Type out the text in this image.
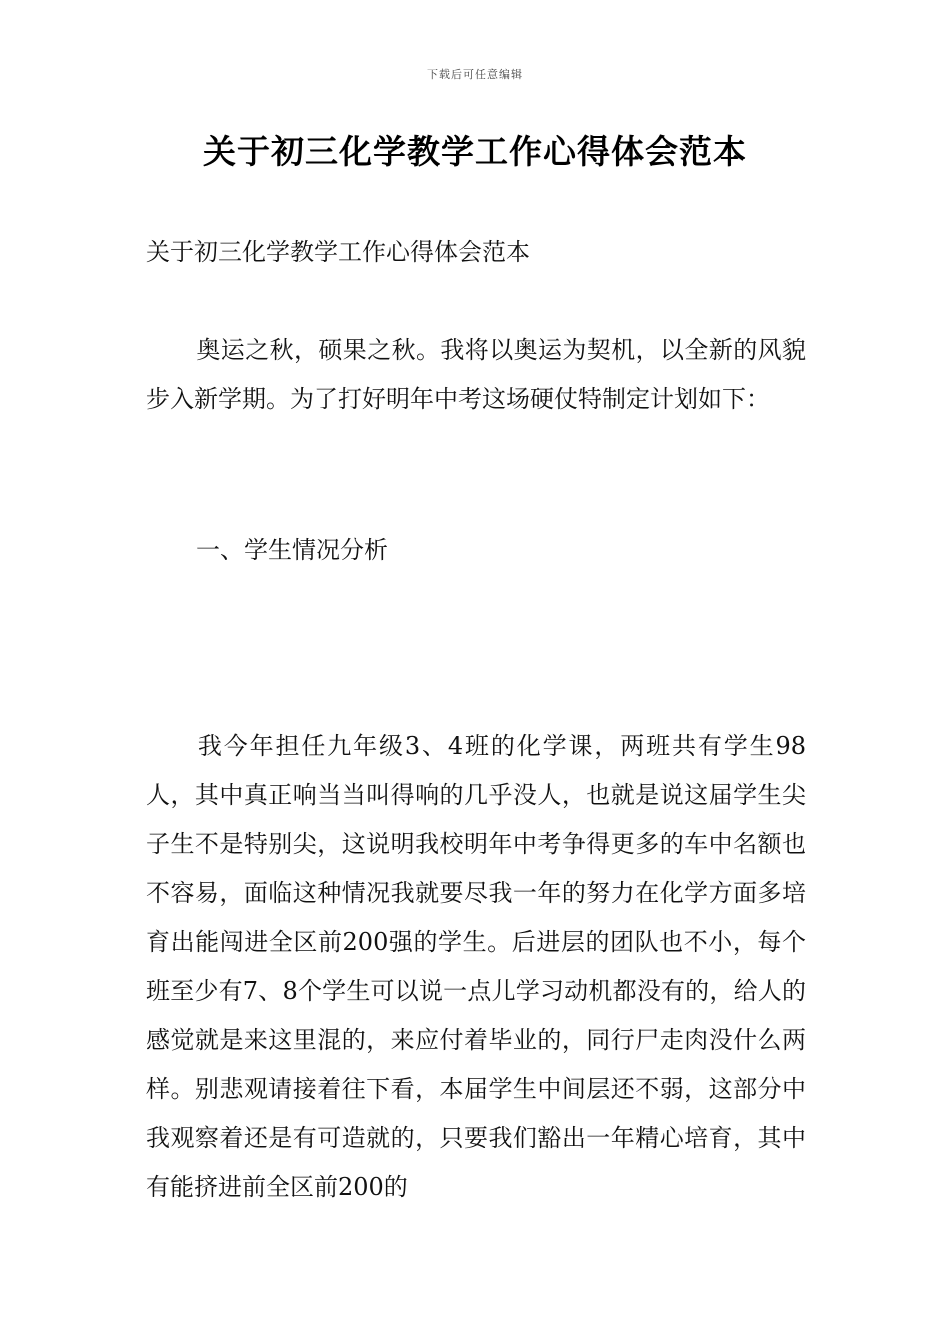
下载后可任意编辑
关于初三化学教学工作心得体会范本
关于初三化学教学工作心得体会范本
奥运之秋，硕果之秋。我将以奥运为契机，以全新的风貌步入新学期。为了打好明年中考这场硬仗特制定计划如下：
一、学生情况分析
我今年担任九年级3、4班的化学课，两班共有学生98人，其中真正响当当叫得响的几乎没人，也就是说这届学生尖子生不是特别尖，这说明我校明年中考争得更多的车中名额也不容易，面临这种情况我就要尽我一年的努力在化学方面多培育出能闯进全区前200强的学生。后进层的团队也不小，每个班至少有7、8个学生可以说一点儿学习动机都没有的，给人的感觉就是来这里混的，来应付着毕业的，同行尸走肉没什么两样。别悲观请接着往下看，本届学生中间层还不弱，这部分中我观察着还是有可造就的，只要我们豁出一年精心培育，其中有能挤进前全区前200的
